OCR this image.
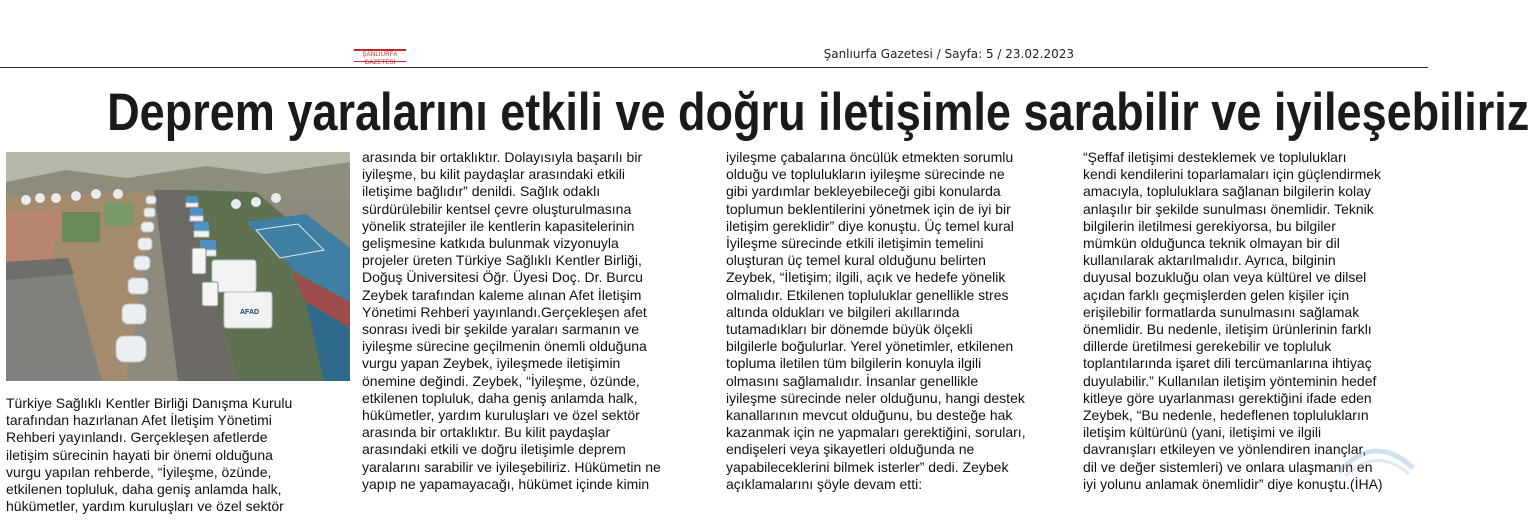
ŞANLIURFA GAZETESİ
Şanlıurfa Gazetesi / Sayfa: 5 / 23.02.2023
Deprem yaralarını etkili ve doğru iletişimle sarabilir ve iyileşebiliriz
AFAD
Türkiye Sağlıklı Kentler Birliği Danışma Kurulu
tarafından hazırlanan Afet İletişim Yönetimi
Rehberi yayınlandı. Gerçekleşen afetlerde
iletişim sürecinin hayati bir önemi olduğuna
vurgu yapılan rehberde, “İyileşme, özünde,
etkilenen topluluk, daha geniş anlamda halk,
hükümetler, yardım kuruluşları ve özel sektör
arasında bir ortaklıktır. Dolayısıyla başarılı bir
iyileşme, bu kilit paydaşlar arasındaki etkili
iletişime bağlıdır” denildi. Sağlık odaklı
sürdürülebilir kentsel çevre oluşturulmasına
yönelik stratejiler ile kentlerin kapasitelerinin
gelişmesine katkıda bulunmak vizyonuyla
projeler üreten Türkiye Sağlıklı Kentler Birliği,
Doğuş Üniversitesi Öğr. Üyesi Doç. Dr. Burcu
Zeybek tarafından kaleme alınan Afet İletişim
Yönetimi Rehberi yayınlandı.Gerçekleşen afet
sonrası ivedi bir şekilde yaraları sarmanın ve
iyileşme sürecine geçilmenin önemli olduğuna
vurgu yapan Zeybek, iyileşmede iletişimin
önemine değindi. Zeybek, “İyileşme, özünde,
etkilenen topluluk, daha geniş anlamda halk,
hükümetler, yardım kuruluşları ve özel sektör
arasında bir ortaklıktır. Bu kilit paydaşlar
arasındaki etkili ve doğru iletişimle deprem
yaralarını sarabilir ve iyileşebiliriz. Hükümetin ne
yapıp ne yapamayacağı, hükümet içinde kimin
iyileşme çabalarına öncülük etmekten sorumlu
olduğu ve toplulukların iyileşme sürecinde ne
gibi yardımlar bekleyebileceği gibi konularda
toplumun beklentilerini yönetmek için de iyi bir
iletişim gereklidir” diye konuştu. Üç temel kural
İyileşme sürecinde etkili iletişimin temelini
oluşturan üç temel kural olduğunu belirten
Zeybek, “İletişim; ilgili, açık ve hedefe yönelik
olmalıdır. Etkilenen topluluklar genellikle stres
altında oldukları ve bilgileri akıllarında
tutamadıkları bir dönemde büyük ölçekli
bilgilerle boğulurlar. Yerel yönetimler, etkilenen
topluma iletilen tüm bilgilerin konuyla ilgili
olmasını sağlamalıdır. İnsanlar genellikle
iyileşme sürecinde neler olduğunu, hangi destek
kanallarının mevcut olduğunu, bu desteğe hak
kazanmak için ne yapmaları gerektiğini, soruları,
endişeleri veya şikayetleri olduğunda ne
yapabileceklerini bilmek isterler” dedi. Zeybek
açıklamalarını şöyle devam etti:
“Şeffaf iletişimi desteklemek ve toplulukları
kendi kendilerini toparlamaları için güçlendirmek
amacıyla, topluluklara sağlanan bilgilerin kolay
anlaşılır bir şekilde sunulması önemlidir. Teknik
bilgilerin iletilmesi gerekiyorsa, bu bilgiler
mümkün olduğunca teknik olmayan bir dil
kullanılarak aktarılmalıdır. Ayrıca, bilginin
duyusal bozukluğu olan veya kültürel ve dilsel
açıdan farklı geçmişlerden gelen kişiler için
erişilebilir formatlarda sunulmasını sağlamak
önemlidir. Bu nedenle, iletişim ürünlerinin farklı
dillerde üretilmesi gerekebilir ve topluluk
toplantılarında işaret dili tercümanlarına ihtiyaç
duyulabilir.” Kullanılan iletişim yönteminin hedef
kitleye göre uyarlanması gerektiğini ifade eden
Zeybek, “Bu nedenle, hedeflenen toplulukların
iletişim kültürünü (yani, iletişimi ve ilgili
davranışları etkileyen ve yönlendiren inançlar,
dil ve değer sistemleri) ve onlara ulaşmanın en
iyi yolunu anlamak önemlidir” diye konuştu.(İHA)
